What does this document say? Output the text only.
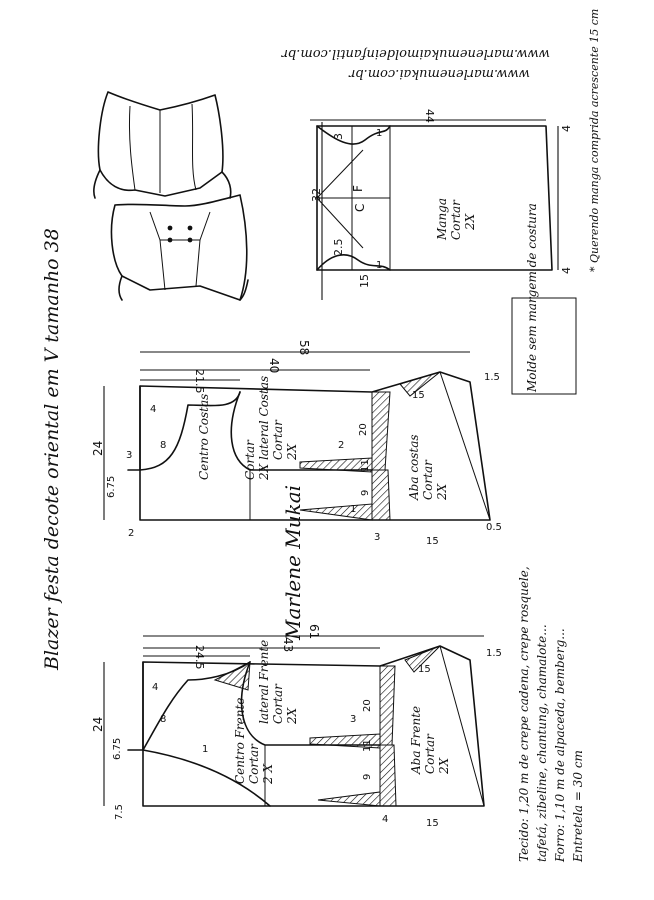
Blazer festa decote oriental em V tamanho 38
www.marlenemukai.com.br
www.marlenemukaimoldeinfantil.com.br
F
C	Manga Cortar 2X
32
44
15
3
2.5
4
4
1
1	* Querendo manga comprida acrescente 15 cm
Molde sem margem de costura
Centro Costas	Cortar 2X
lateral Costas Cortar 2X	Aba costas Cortar 2X
58
40
21.5
24 3
6.75
2
4
8
15
1
2
20
11
9
3	15
0.5
1.5
Marlene Mukai
Centro Frente Cortar 2 X
lateral Frente Cortar 2X	Aba Frente Cortar 2X
61
43
24.5
24
6.75
7.5
4
8
15
1
3
20
11
9
4	15
1.5 Tecido: 1,20 m de crepe cadena, crepe rosquele, tafetá, zibeline, chantung, chamalote... Forro: 1,10 m de alpaceda, bemberg... Entretela = 30 cm
